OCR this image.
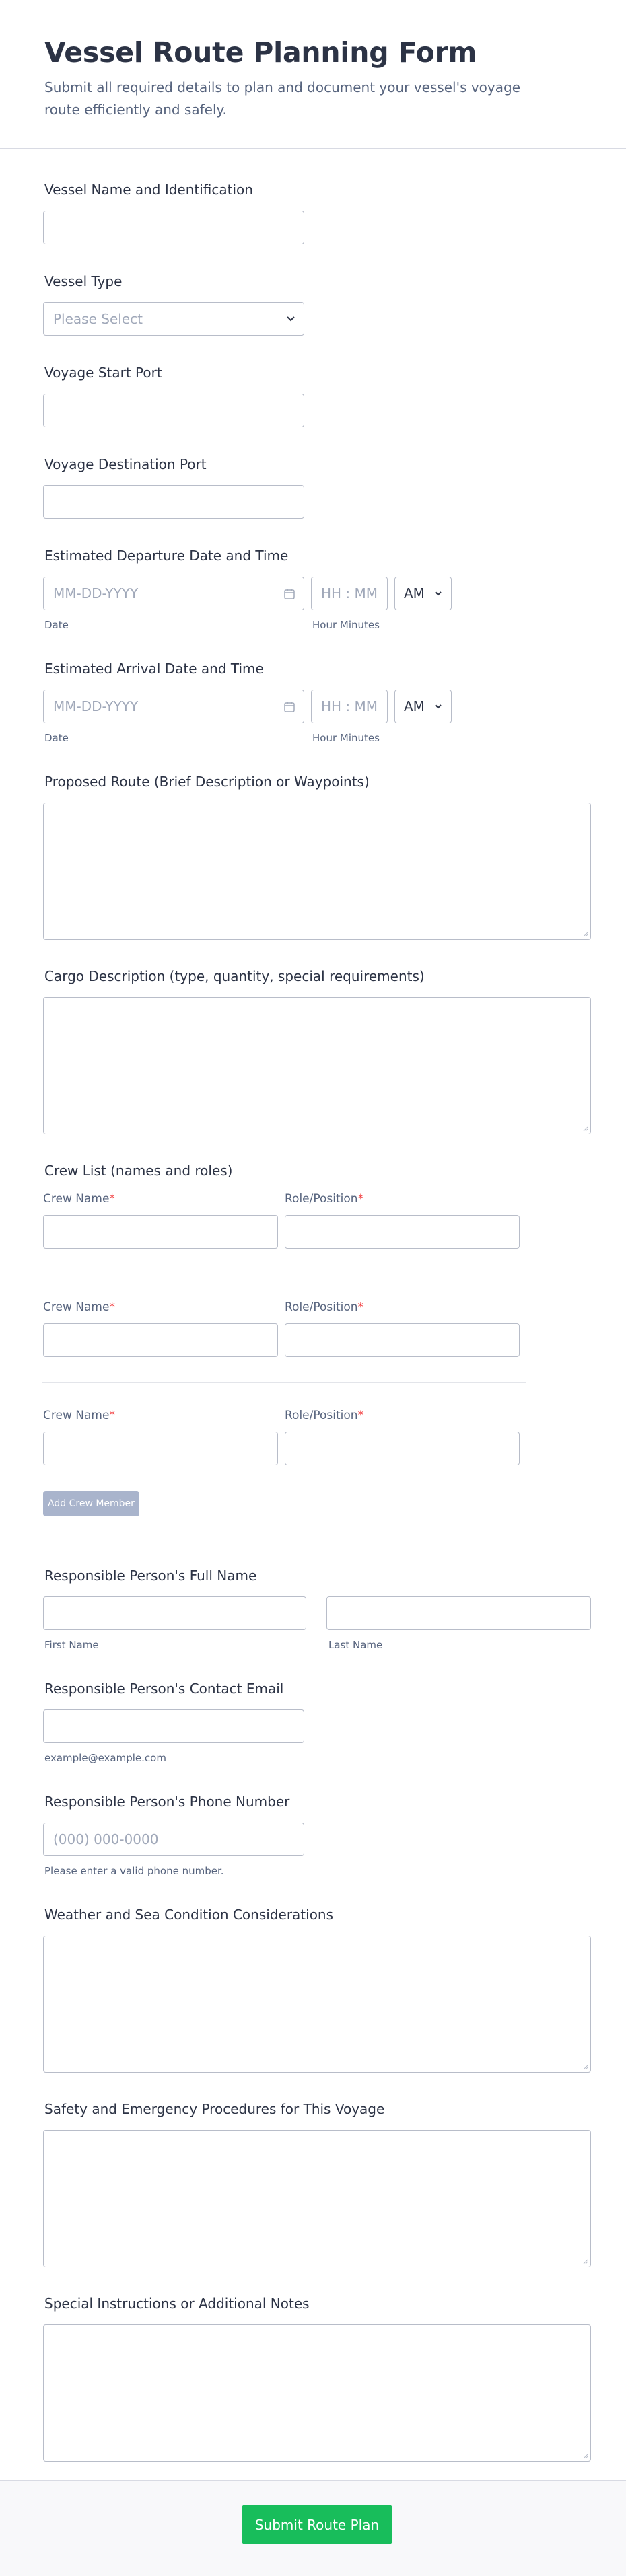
Vessel Route Planning Form

Submit all required details to plan and document your vessel's voyage route efficiently and safely.

Vessel Name and Identification
Vessel Type
Please Select
Voyage Start Port
Voyage Destination Port
Estimated Departure Date and Time
MM-DD-YYYY	HH : MM AM
Date	Hour Minutes
Estimated Arrival Date and Time
MM-DD-YYYY	HH : MM AM
Date	Hour Minutes
Proposed Route (Brief Description or Waypoints)
Cargo Description (type, quantity, special requirements)
Crew List (names and roles)
Crew Name*	Role/Position*
Crew Name*	Role/Position*
Crew Name*	Role/Position*
Add Crew Member
Responsible Person's Full Name
First Name	Last Name
Responsible Person's Contact Email
example@example.com
Responsible Person's Phone Number
(000) 000-0000
Please enter a valid phone number.
Weather and Sea Condition Considerations
Safety and Emergency Procedures for This Voyage
Special Instructions or Additional Notes
Submit Route Plan
